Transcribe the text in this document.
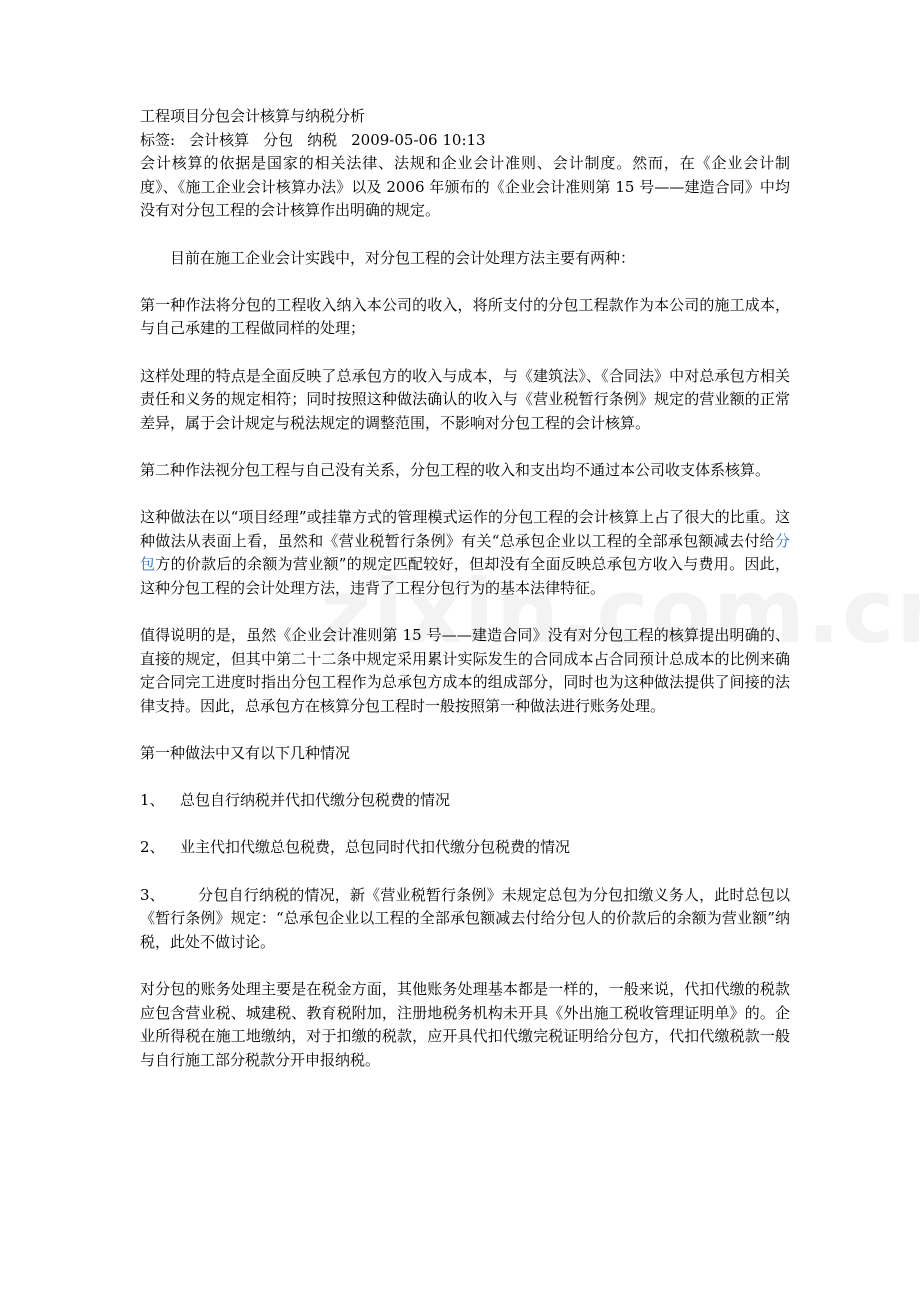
工程项目分包会计核算与纳税分析

标签: 会计核算 分包 纳税 2009-05-06 10:13

会计核算的依据是国家的相关法律、法规和企业会计准则、会计制度。然而，在《企业会计制度》、《施工企业会计核算办法》以及 2006 年颁布的《企业会计准则第 15 号——建造合同》中均没有对分包工程的会计核算作出明确的规定。

目前在施工企业会计实践中，对分包工程的会计处理方法主要有两种：

第一种作法将分包的工程收入纳入本公司的收入，将所支付的分包工程款作为本公司的施工成本，与自己承建的工程做同样的处理；

这样处理的特点是全面反映了总承包方的收入与成本，与《建筑法》、《合同法》中对总承包方相关责任和义务的规定相符；同时按照这种做法确认的收入与《营业税暂行条例》规定的营业额的正常差异，属于会计规定与税法规定的调整范围，不影响对分包工程的会计核算。

第二种作法视分包工程与自己没有关系，分包工程的收入和支出均不通过本公司收支体系核算。

这种做法在以“项目经理”或挂靠方式的管理模式运作的分包工程的会计核算上占了很大的比重。这种做法从表面上看，虽然和《营业税暂行条例》有关“总承包企业以工程的全部承包额减去付给分包方的价款后的余额为营业额”的规定匹配较好，但却没有全面反映总承包方收入与费用。因此，这种分包工程的会计处理方法，违背了工程分包行为的基本法律特征。

值得说明的是，虽然《企业会计准则第 15 号——建造合同》没有对分包工程的核算提出明确的、直接的规定，但其中第二十二条中规定采用累计实际发生的合同成本占合同预计总成本的比例来确定合同完工进度时指出分包工程作为总承包方成本的组成部分，同时也为这种做法提供了间接的法律支持。因此，总承包方在核算分包工程时一般按照第一种做法进行账务处理。

第一种做法中又有以下几种情况

1、 总包自行纳税并代扣代缴分包税费的情况

2、 业主代扣代缴总包税费，总包同时代扣代缴分包税费的情况

3、 分包自行纳税的情况，新《营业税暂行条例》未规定总包为分包扣缴义务人，此时总包以《暂行条例》规定：“总承包企业以工程的全部承包额减去付给分包人的价款后的余额为营业额”纳税，此处不做讨论。

对分包的账务处理主要是在税金方面，其他账务处理基本都是一样的，一般来说，代扣代缴的税款应包含营业税、城建税、教育税附加，注册地税务机构未开具《外出施工税收管理证明单》的。企业所得税在施工地缴纳，对于扣缴的税款，应开具代扣代缴完税证明给分包方，代扣代缴税款一般与自行施工部分税款分开申报纳税。
